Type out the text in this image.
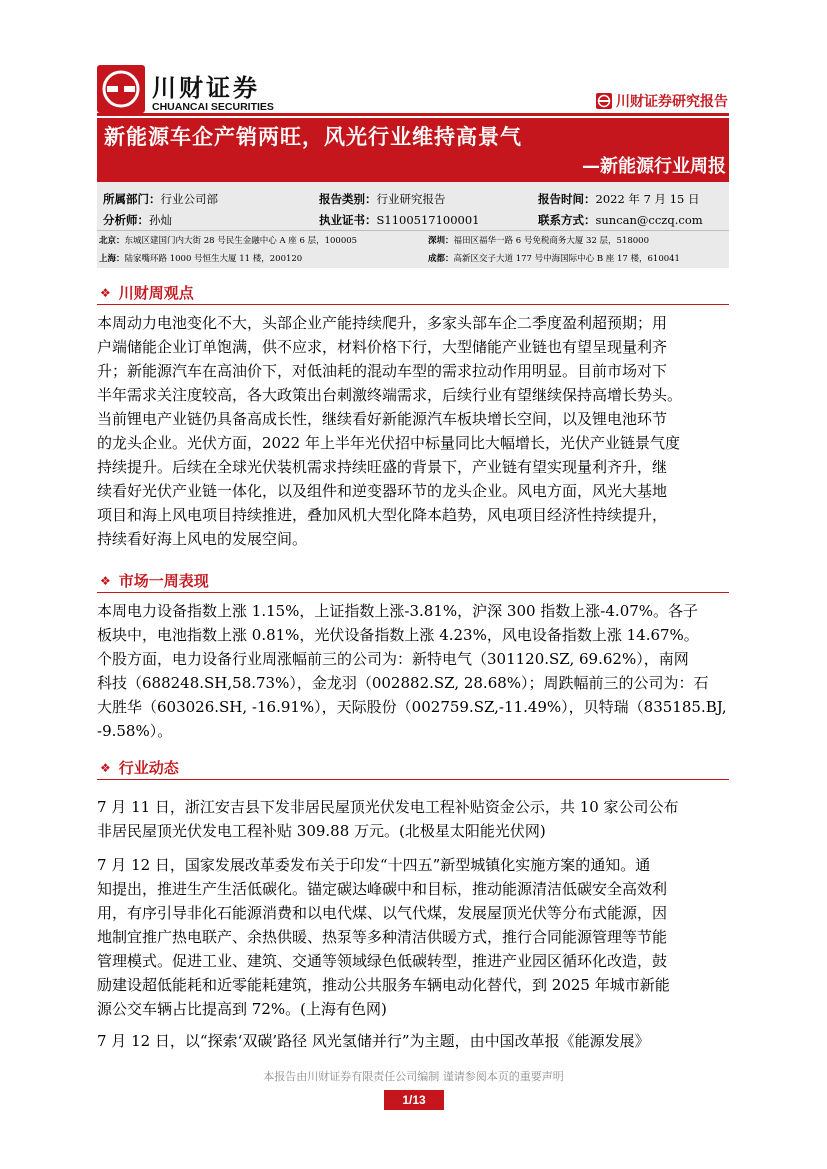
川财证券
CHUANCAI SECURITIES	川财证券研究报告
新能源车企产销两旺，风光行业维持高景气
—新能源行业周报
所属部门：行业公司部	报告类别：行业研究报告	报告时间：2022 年 7 月 15 日
分析师：孙灿	执业证书：S1100517100001	联系方式：suncan@cczq.com
北京：东城区建国门内大街 28 号民生金融中心 A 座 6 层，100005	深圳：福田区福华一路 6 号免税商务大厦 32 层，518000
上海：陆家嘴环路 1000 号恒生大厦 11 楼，200120	成都：高新区交子大道 177 号中海国际中心 B 座 17 楼，610041
❖ 川财周观点
本周动力电池变化不大，头部企业产能持续爬升，多家头部车企二季度盈利超预期；用
户端储能企业订单饱满，供不应求，材料价格下行，大型储能产业链也有望呈现量利齐
升；新能源汽车在高油价下，对低油耗的混动车型的需求拉动作用明显。目前市场对下
半年需求关注度较高，各大政策出台刺激终端需求，后续行业有望继续保持高增长势头。
当前锂电产业链仍具备高成长性，继续看好新能源汽车板块增长空间，以及锂电池环节
的龙头企业。光伏方面，2022 年上半年光伏招中标量同比大幅增长，光伏产业链景气度
持续提升。后续在全球光伏装机需求持续旺盛的背景下，产业链有望实现量利齐升，继
续看好光伏产业链一体化，以及组件和逆变器环节的龙头企业。风电方面，风光大基地
项目和海上风电项目持续推进，叠加风机大型化降本趋势，风电项目经济性持续提升，
持续看好海上风电的发展空间。
❖ 市场一周表现
本周电力设备指数上涨 1.15%，上证指数上涨-3.81%，沪深 300 指数上涨-4.07%。各子
板块中，电池指数上涨 0.81%，光伏设备指数上涨 4.23%，风电设备指数上涨 14.67%。
个股方面，电力设备行业周涨幅前三的公司为：新特电气（301120.SZ, 69.62%），南网
科技（688248.SH,58.73%），金龙羽（002882.SZ, 28.68%）；周跌幅前三的公司为：石
大胜华（603026.SH, -16.91%），天际股份（002759.SZ,-11.49%），贝特瑞（835185.BJ,
-9.58%）。
❖ 行业动态
7 月 11 日，浙江安吉县下发非居民屋顶光伏发电工程补贴资金公示，共 10 家公司公布
非居民屋顶光伏发电工程补贴 309.88 万元。(北极星太阳能光伏网)
7 月 12 日，国家发展改革委发布关于印发“十四五”新型城镇化实施方案的通知。通
知提出，推进生产生活低碳化。锚定碳达峰碳中和目标，推动能源清洁低碳安全高效利
用，有序引导非化石能源消费和以电代煤、以气代煤，发展屋顶光伏等分布式能源，因
地制宜推广热电联产、余热供暖、热泵等多种清洁供暖方式，推行合同能源管理等节能
管理模式。促进工业、建筑、交通等领域绿色低碳转型，推进产业园区循环化改造，鼓
励建设超低能耗和近零能耗建筑，推动公共服务车辆电动化替代，到 2025 年城市新能
源公交车辆占比提高到 72%。(上海有色网)
7 月 12 日，以“探索‘双碳’路径 风光氢储并行”为主题，由中国改革报《能源发展》
本报告由川财证券有限责任公司编制 谨请参阅本页的重要声明
1/13
